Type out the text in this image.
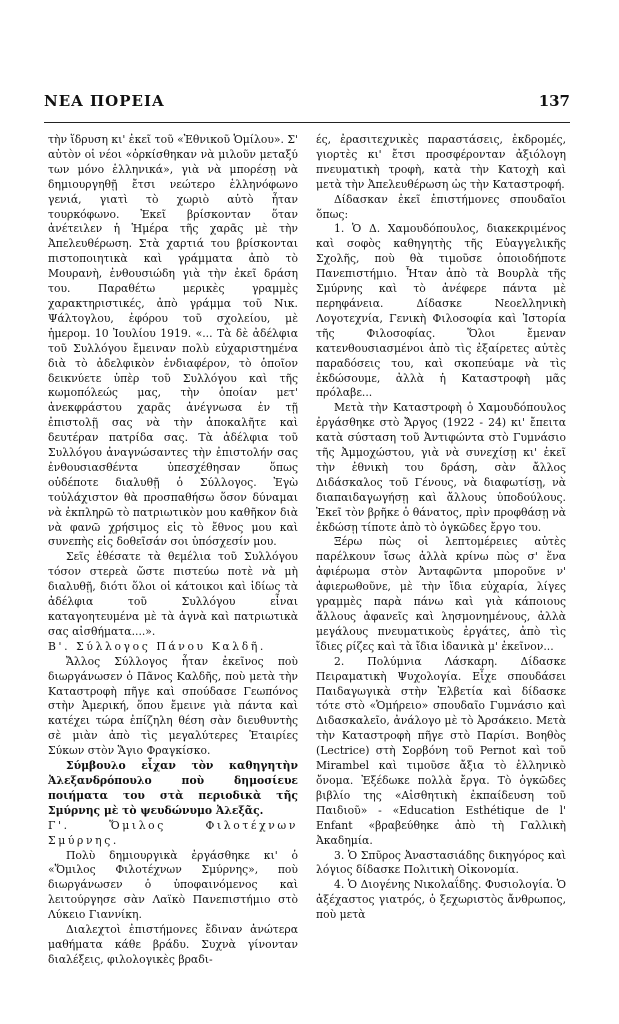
ΝΕΑ ΠΟΡΕΙΑ	137

τὴν ἵδρυση κι' ἐκεῖ τοῦ «Ἐθνικοῦ Ὁμίλου». Σ' αὐτὸν οἱ νέοι «ὁρκίσθηκαν νὰ μιλοῦν μεταξύ των μόνο ἑλληνικά», γιὰ νὰ μπορέσῃ νὰ δημιουργηθῇ ἔτσι νεώτερο ἑλληνόφωνο γενιά, γιατὶ τὸ χωριὸ αὐτὸ ἦταν τουρκόφωνο. Ἐκεῖ βρίσκονταν ὅταν ἀνέτειλεν ἡ Ἡμέρα τῆς χαρᾶς μὲ τὴν Ἀπελευθέρωση. Στὰ χαρτιά του βρίσκονται πιστοποιητικὰ καὶ γράμματα ἀπὸ τὸ Μουρανὴ, ἐνθουσιώδη γιὰ τὴν ἐκεῖ δράση του. Παραθέτω μερικὲς γραμμὲς χαρακτηριστικές, ἀπὸ γράμμα τοῦ Νικ. Ψάλτογλου, ἐφόρου τοῦ σχολείου, μὲ ἡμερομ. 10 Ἰουλίου 1919. «... Τὰ δὲ ἀδέλφια τοῦ Συλλόγου ἔμειναν πολὺ εὐχαριστημένα διὰ τὸ ἀδελφικὸν ἐνδιαφέρον, τὸ ὁποῖον δεικνύετε ὑπὲρ τοῦ Συλλόγου καὶ τῆς κωμοπόλεώς μας, τὴν ὁποίαν μετ' ἀνεκφράστου χαρᾶς ἀνέγνωσα ἐν τῇ ἐπιστολῇ σας νὰ τὴν ἀποκαλῆτε καὶ δευτέραν πατρίδα σας. Τὰ ἀδέλφια τοῦ Συλλόγου ἀναγνώσαντες τὴν ἐπιστολήν σας ἐνθουσιασθέντα ὑπεσχέθησαν ὅπως οὐδέποτε διαλυθῇ ὁ Σύλλογος. Ἐγὼ τοὐλάχιστον θὰ προσπαθήσω ὅσον δύναμαι νὰ ἐκπληρῶ τὸ πατριωτικὸν μου καθῆκον διὰ νὰ φανῶ χρήσιμος εἰς τὸ ἔθνος μου καὶ συνεπὴς εἰς δοθεῖσάν σοι ὑπόσχεσίν μου.

Σεῖς ἐθέσατε τὰ θεμέλια τοῦ Συλλόγου τόσον στερεὰ ὥστε πιστεύω ποτὲ νὰ μὴ διαλυθῇ, διότι ὅλοι οἱ κάτοικοι καὶ ἰδίως τὰ ἀδέλφια τοῦ Συλλόγου εἶναι καταγοητευμένα μὲ τὰ ἁγνὰ καὶ πατριωτικὰ σας αἰσθήματα....».

Β'. Σύλλογος Πάνου Καλδῆ.

Ἄλλος Σύλλογος ἦταν ἐκεῖνος ποὺ διωργάνωσεν ὁ Πᾶνος Καλδῆς, ποὺ μετὰ τὴν Καταστροφὴ πῆγε καὶ σπούδασε Γεωπόνος στὴν Ἀμερική, ὅπου ἔμεινε γιὰ πάντα καὶ κατέχει τώρα ἐπίζηλη θέση σὰν διευθυντὴς σὲ μιὰν ἀπὸ τὶς μεγαλύτερες Ἑταιρίες Σύκων στὸν Ἅγιο Φραγκίσκο.

Σύμβουλο εἶχαν τὸν καθηγητὴν Ἀλεξανδρόπουλο ποὺ δημοσίευε ποιήματα του στὰ περιοδικὰ τῆς Σμύρνης μὲ τὸ ψευδώνυμο Ἀλεξᾶς.

Γ'. Ὅμιλος Φιλοτέχνων Σμύρνης.

Πολὺ δημιουργικὰ ἐργάσθηκε κι' ὁ «Ὅμιλος Φιλοτέχνων Σμύρνης», ποὺ διωργάνωσεν ὁ ὑποφαινόμενος καὶ λειτούργησε σὰν Λαϊκὸ Πανεπιστήμιο στὸ Λύκειο Γιαννίκη.

Διαλεχτοὶ ἐπιστήμονες ἔδιναν ἀνώτερα μαθήματα κάθε βράδυ. Συχνὰ γίνονταν διαλέξεις, φιλολογικὲς βραδι-

ές, ἐρασιτεχνικὲς παραστάσεις, ἐκδρομές, γιορτὲς κι' ἔτσι προσφέρονταν ἀξιόλογη πνευματικὴ τροφὴ, κατὰ τὴν Κατοχὴ καὶ μετὰ τὴν Ἀπελευθέρωση ὡς τὴν Καταστροφή.

Δίδασκαν ἐκεῖ ἐπιστήμονες σπουδαῖοι ὅπως:

1. Ὁ Δ. Χαμουδόπουλος, διακεκριμένος καὶ σοφὸς καθηγητὴς τῆς Εὐαγγελικῆς Σχολῆς, ποὺ θὰ τιμοῦσε ὁποιοδήποτε Πανεπιστήμιο. Ἦταν ἀπὸ τὰ Βουρλὰ τῆς Σμύρνης καὶ τὸ ἀνέφερε πάντα μὲ περηφάνεια. Δίδασκε Νεοελληνικὴ Λογοτεχνία, Γενικὴ Φιλοσοφία καὶ Ἱστορία τῆς Φιλοσοφίας. Ὅλοι ἔμεναν κατενθουσιασμένοι ἀπὸ τὶς ἐξαίρετες αὐτὲς παραδόσεις του, καὶ σκοπεύαμε νὰ τὶς ἐκδώσουμε, ἀλλὰ ἡ Καταστροφὴ μᾶς πρόλαβε...

Μετὰ τὴν Καταστροφὴ ὁ Χαμουδόπουλος ἐργάσθηκε στὸ Ἄργος (1922 - 24) κι' ἔπειτα κατὰ σύσταση τοῦ Ἀντιφώντα στὸ Γυμνάσιο τῆς Ἀμμοχώστου, γιὰ νὰ συνεχίσῃ κι' ἐκεῖ τὴν ἐθνικὴ του δράση, σὰν ἄλλος Διδάσκαλος τοῦ Γένους, νὰ διαφωτίσῃ, νὰ διαπαιδαγωγήσῃ καὶ ἄλλους ὑποδούλους. Ἐκεῖ τὸν βρῆκε ὁ θάνατος, πρὶν προφθάσῃ νὰ ἐκδώσῃ τίποτε ἀπὸ τὸ ὀγκῶδες ἔργο του.

Ξέρω πὼς οἱ λεπτομέρειες αὐτὲς παρέλκουν ἴσως ἀλλὰ κρίνω πὼς σ' ἕνα ἀφιέρωμα στὸν Ἀνταφῶντα μποροῦνε ν' ἀφιερωθοῦνε, μὲ τὴν ἴδια εὐχαρία, λίγες γραμμὲς παρὰ πάνω καὶ γιὰ κάποιους ἄλλους ἀφανεῖς καὶ λησμονημένους, ἀλλὰ μεγάλους πνευματικοὺς ἐργάτες, ἀπὸ τὶς ἴδιες ρίζες καὶ τὰ ἴδια ἰδανικὰ μ' ἐκεῖνον...

2. Πολύμνια Λάσκαρη. Δίδασκε Πειραματικὴ Ψυχολογία. Εἶχε σπουδάσει Παιδαγωγικὰ στὴν Ἑλβετία καὶ δίδασκε τότε στὸ «Ὁμήρειο» σπουδαῖο Γυμνάσιο καὶ Διδασκαλεῖο, ἀνάλογο μὲ τὸ Ἀρσάκειο. Μετὰ τὴν Καταστροφὴ πῆγε στὸ Παρίσι. Βοηθὸς (Lectrice) στὴ Σορβόνη τοῦ Pernot καὶ τοῦ Mirambel καὶ τιμοῦσε ἄξια τὸ ἑλληνικὸ ὄνομα. Ἐξέδωκε πολλὰ ἔργα. Τὸ ὀγκῶδες βιβλίο της «Αἰσθητικὴ ἐκπαίδευση τοῦ Παιδιοῦ» - «Education Esthétique de l' Enfant «βραβεύθηκε ἀπὸ τὴ Γαλλικὴ Ἀκαδημία.

3. Ὁ Σπῦρος Ἀναστασιάδης δικηγόρος καὶ λόγιος δίδασκε Πολιτικὴ Οἰκονομία.

4. Ὁ Διογένης Νικολαΐδης. Φυσιολογία. Ὁ ἀξέχαστος γιατρός, ὁ ξεχωριστὸς ἄνθρωπος, ποὺ μετὰ
